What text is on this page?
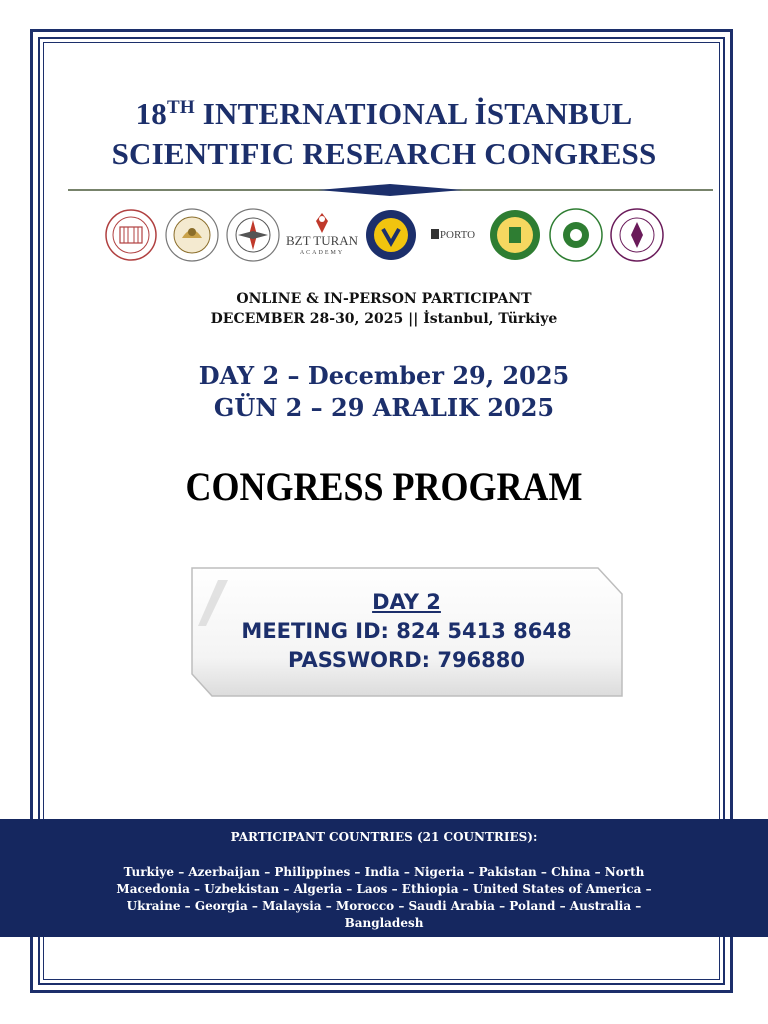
18TH INTERNATIONAL İSTANBUL
SCIENTIFIC RESEARCH CONGRESS
BZT TURAN
ACADEMY
PORTO
ONLINE & IN-PERSON PARTICIPANT
DECEMBER 28-30, 2025 || İstanbul, Türkiye
DAY 2 – December 29, 2025
GÜN 2 – 29 ARALIK 2025
CONGRESS PROGRAM
DAY 2
MEETING ID: 824 5413 8648
PASSWORD: 796880
PARTICIPANT COUNTRIES (21 COUNTRIES):
Turkiye – Azerbaijan – Philippines – India – Nigeria – Pakistan – China – North Macedonia – Uzbekistan – Algeria – Laos – Ethiopia – United States of America – Ukraine – Georgia – Malaysia – Morocco – Saudi Arabia – Poland – Australia – Bangladesh
